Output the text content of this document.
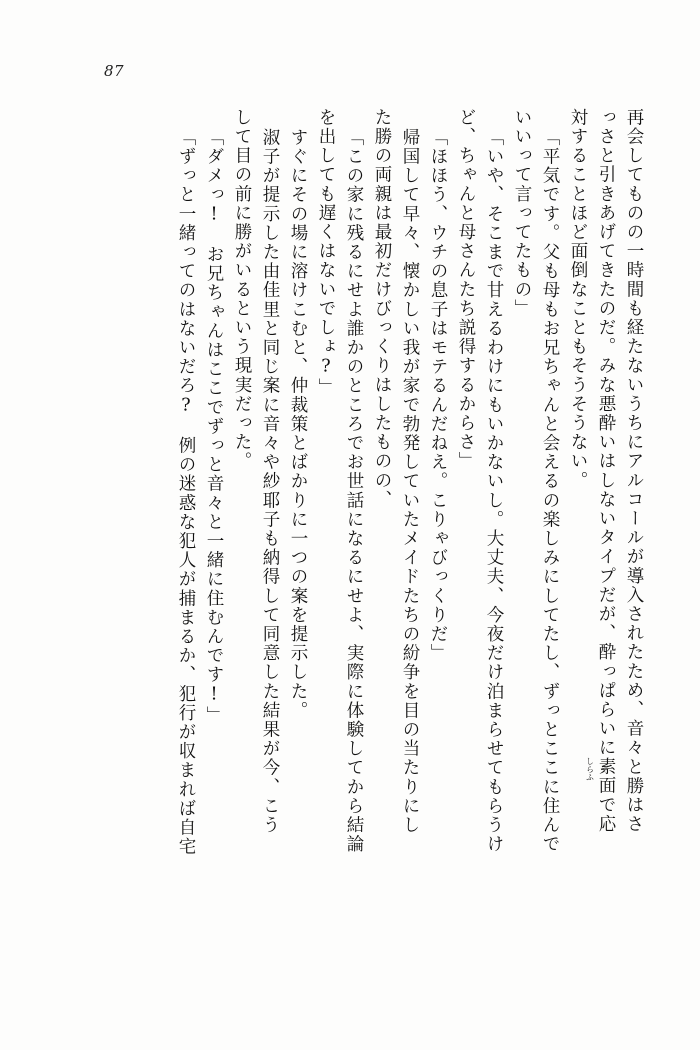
87
再会してものの一時間も経たないうちにアルコールが導入されたため、音々と勝はさ
っさと引きあげてきたのだ。みな悪酔いはしないタイプだが、酔っぱらいに素面
しらふ
で応
対することほど面倒なこともそうそうない。
「平気です。父も母もお兄ちゃんと会えるの楽しみにしてたし、ずっとここに住んで
いいって言ってたもの」
「いや、そこまで甘えるわけにもいかないし。大丈夫、今夜だけ泊まらせてもらうけ
ど、ちゃんと母さんたち説得するからさ」
「ほほう、ウチの息子はモテるんだねえ。こりゃびっくりだ」
帰国して早々、懐かしい我が家で勃発していたメイドたちの紛争を目の当たりにし
た勝の両親は最初だけびっくりはしたものの、
「この家に残るにせよ誰かのところでお世話になるにせよ、実際に体験してから結論
を出しても遅くはないでしょ?」
すぐにその場に溶けこむと、仲裁策とばかりに一つの案を提示した。
淑子が提示した由佳里と同じ案に音々や紗耶子も納得して同意した結果が今、こう
して目の前に勝がいるという現実だった。
「ダメっ!　お兄ちゃんはここでずっと音々と一緒に住むんです!」
「ずっと一緒ってのはないだろ?　例の迷惑な犯人が捕まるか、犯行が収まれば自宅
